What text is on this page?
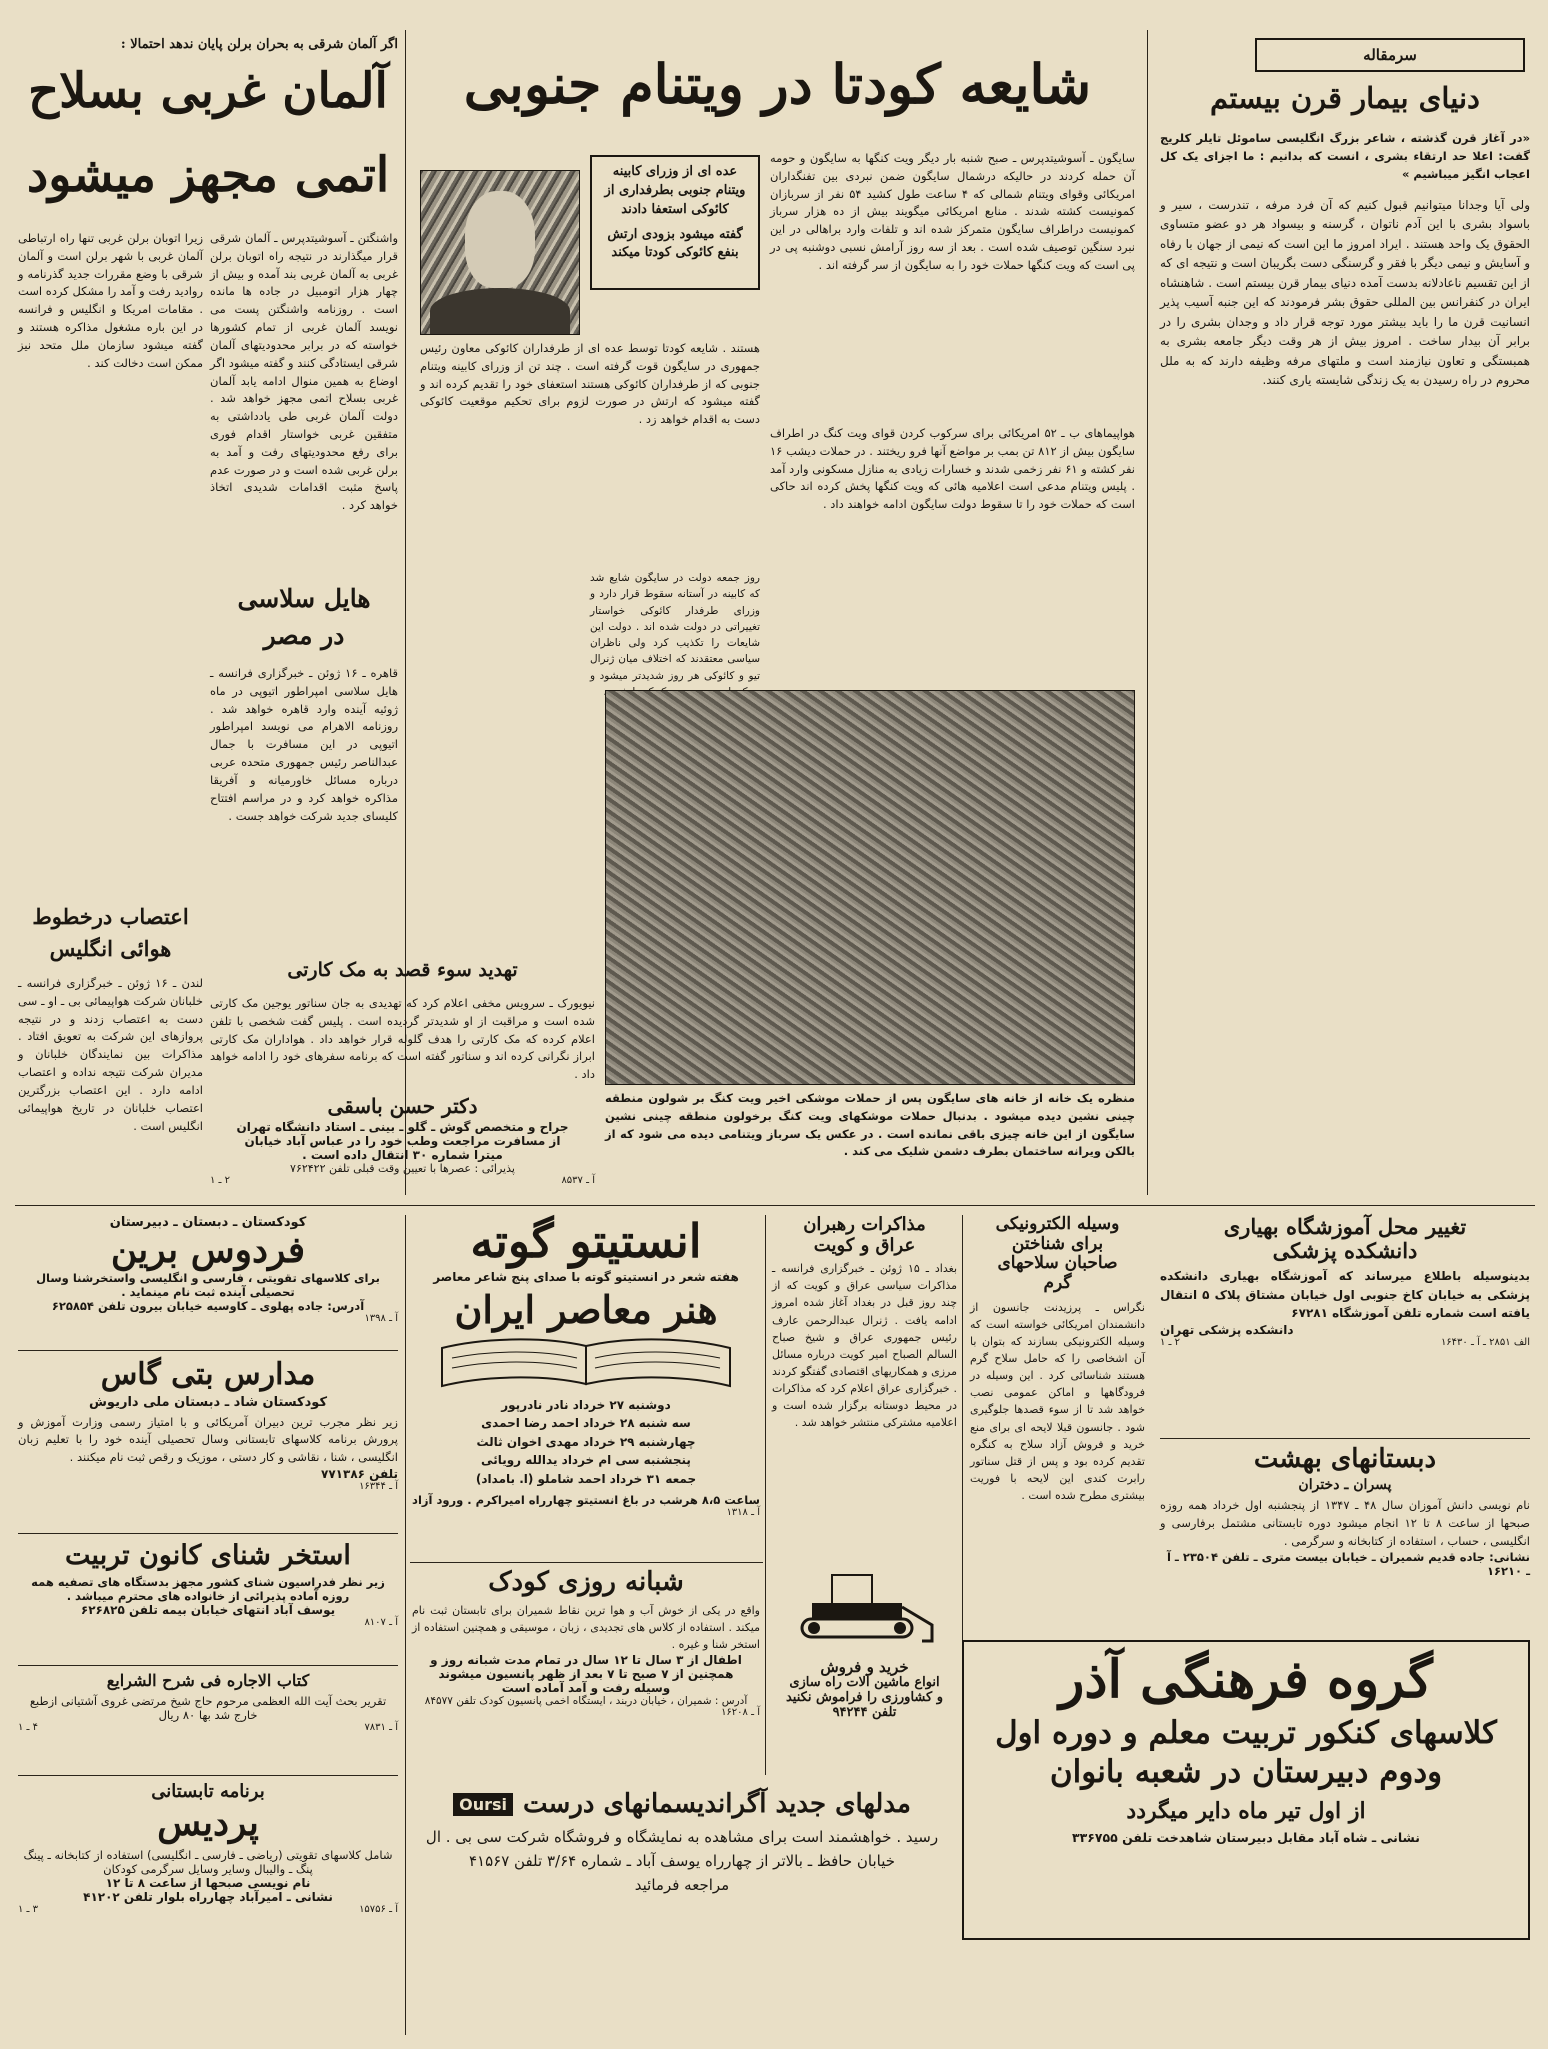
سرمقاله
دنیای بیمار قرن بیستم
«در آغاز قرن گذشته ، شاعر بزرگ انگلیسی ساموئل تایلر کلریج گفت: اعلا حد ارتقاء بشری ، انست که بدانیم : ما اجزای یک کل اعجاب انگیز میباشیم »
ولی آیا وجدانا میتوانیم قبول کنیم که آن فرد مرفه ، تندرست ، سیر و باسواد بشری با این آدم ناتوان ، گرسنه و بیسواد هر دو عضو متساوی الحقوق یک واحد هستند . ایراد امروز ما این است که نیمی از جهان با رفاه و آسایش و نیمی دیگر با فقر و گرسنگی دست بگریبان است و نتیجه ای که از این تقسیم ناعادلانه بدست آمده دنیای بیمار قرن بیستم است . شاهنشاه ایران در کنفرانس بین المللی حقوق بشر فرمودند که این جنبه آسیب پذیر انسانیت قرن ما را باید بیشتر مورد توجه قرار داد و وجدان بشری را در برابر آن بیدار ساخت . امروز بیش از هر وقت دیگر جامعه بشری به همبستگی و تعاون نیازمند است و ملتهای مرفه وظیفه دارند که به ملل محروم در راه رسیدن به یک زندگی شایسته یاری کنند.
شایعه کودتا در ویتنام جنوبی
سایگون ـ آسوشیتدپرس ـ صبح شنبه بار دیگر ویت کنگها به سایگون و حومه آن حمله کردند در حالیکه درشمال سایگون ضمن نبردی بین تفنگداران امریکائی وقوای ویتنام شمالی که ۴ ساعت طول کشید ۵۴ نفر از سربازان کمونیست کشته شدند . منابع امریکائی میگویند بیش از ده هزار سرباز کمونیست دراطراف سایگون متمرکز شده اند و تلفات وارد براهالی در این نبرد سنگین توصیف شده است . بعد از سه روز آرامش نسبی دوشنبه پی در پی است که ویت کنگها حملات خود را به سایگون از سر گرفته اند .
عده ای از وزرای کابینه ویتنام جنوبی بطرفداری از کائوکی استعفا دادند
گفته میشود بزودی ارتش بنفع کائوکی کودتا میکند
هستند . شایعه کودتا توسط عده ای از طرفداران کائوکی معاون رئیس جمهوری در سایگون قوت گرفته است . چند تن از وزرای کابینه ویتنام جنوبی که از طرفداران کائوکی هستند استعفای خود را تقدیم کرده اند و گفته میشود که ارتش در صورت لزوم برای تحکیم موقعیت کائوکی دست به اقدام خواهد زد .
هواپیماهای ب ـ ۵۲ امریکائی برای سرکوب کردن قوای ویت کنگ در اطراف سایگون بیش از ۸۱۲ تن بمب بر مواضع آنها فرو ریختند . در حملات دیشب ۱۶ نفر کشته و ۶۱ نفر زخمی شدند و خسارات زیادی به منازل مسکونی وارد آمد . پلیس ویتنام مدعی است اعلامیه هائی که ویت کنگها پخش کرده اند حاکی است که حملات خود را تا سقوط دولت سایگون ادامه خواهند داد .
روز جمعه دولت در سایگون شایع شد که کابینه در آستانه سقوط قرار دارد و وزرای طرفدار کائوکی خواستار تغییراتی در دولت شده اند . دولت این شایعات را تکذیب کرد ولی ناظران سیاسی معتقدند که اختلاف میان ژنرال تیو و کائوکی هر روز شدیدتر میشود و
منظره یک خانه از خانه های سایگون پس از حملات موشکی اخیر ویت کنگ بر شولون منطقه چینی نشین دیده میشود . بدنبال حملات موشکهای ویت کنگ برخولون منطقه چینی نشین سایگون از این خانه چیزی باقی نمانده است . در عکس یک سرباز ویتنامی دیده می شود که از بالکن ویرانه ساختمان بطرف دشمن شلیک می کند .
اگر آلمان شرقی به بحران برلن پایان ندهد احتمالا :
آلمان غربی بسلاح
اتمی مجهز میشود
واشنگتن ـ آسوشیتدپرس ـ آلمان شرقی قرار میگذارند در نتیجه راه اتوبان برلن غربی به آلمان غربی بند آمده و بیش از چهار هزار اتومبیل در جاده ها مانده است . روزنامه واشنگتن پست می نویسد آلمان غربی از تمام کشورها خواسته که در برابر محدودیتهای آلمان شرقی ایستادگی کنند و گفته میشود اگر اوضاع به همین منوال ادامه یابد آلمان غربی بسلاح اتمی مجهز خواهد شد . دولت آلمان غربی طی یادداشتی به متفقین غربی خواستار اقدام فوری برای رفع محدودیتهای رفت و آمد به برلن غربی شده است و در صورت عدم پاسخ مثبت اقدامات شدیدی اتخاذ خواهد کرد .
زیرا اتوبان برلن غربی تنها راه ارتباطی آلمان غربی با شهر برلن است و آلمان شرقی با وضع مقررات جدید گذرنامه و روادید رفت و آمد را مشکل کرده است . مقامات امریکا و انگلیس و فرانسه در این باره مشغول مذاکره هستند و گفته میشود سازمان ملل متحد نیز ممکن است دخالت کند .
هایل سلاسی
در مصر
قاهره ـ ۱۶ ژوئن ـ خبرگزاری فرانسه ـ هایل سلاسی امپراطور اتیوپی در ماه ژوئیه آینده وارد قاهره خواهد شد . روزنامه الاهرام می نویسد امپراطور اتیوپی در این مسافرت با جمال عبدالناصر رئیس جمهوری متحده عربی درباره مسائل خاورمیانه و آفریقا مذاکره خواهد کرد و در مراسم افتتاح کلیسای جدید شرکت خواهد جست .
اعتصاب درخطوط
هوائی انگلیس
لندن ـ ۱۶ ژوئن ـ خبرگزاری فرانسه ـ خلبانان شرکت هواپیمائی بی ـ او ـ سی دست به اعتصاب زدند و در نتیجه پروازهای این شرکت به تعویق افتاد . مذاکرات بین نمایندگان خلبانان و مدیران شرکت نتیجه نداده و اعتصاب ادامه دارد . این اعتصاب بزرگترین اعتصاب خلبانان در تاریخ هواپیمائی انگلیس است .
تهدید سوء قصد به مک کارتی
نیویورک ـ سرویس مخفی اعلام کرد که تهدیدی به جان سناتور یوجین مک کارتی شده است و مراقبت از او شدیدتر گردیده است . پلیس گفت شخصی با تلفن اعلام کرده که مک کارتی را هدف گلوله قرار خواهد داد . هواداران مک کارتی ابراز نگرانی کرده اند و سناتور گفته است که برنامه سفرهای خود را ادامه خواهد داد .
دکتر حسن باسقی
جراح و متخصص گوش ـ گلو ـ بینی ـ استاد دانشگاه تهران
از مسافرت مراجعت وطب خود را در عباس آباد خیابان
میترا شماره ۳۰ انتقال داده است .
پذیرائی : عصرها با تعیین وقت قبلی تلفن ۷۶۲۴۲۲
آ ـ ۸۵۳۷
۲ ـ ۱
کودکستان ـ دبستان ـ دبیرستان
فردوس برین
برای کلاسهای تقویتی ، فارسی و انگلیسی واستخرشنا وسال تحصیلی آینده ثبت نام مینماید .
آدرس: جاده پهلوی ـ کاوسیه خیابان بیرون تلفن ۶۲۵۸۵۴
آ ـ ۱۳۹۸
مدارس بتی گاس
کودکستان شاد ـ دبستان ملی داریوش
زیر نظر مجرب ترین دبیران آمریکائی و با امتیاز رسمی وزارت آموزش و پرورش برنامه کلاسهای تابستانی وسال تحصیلی آینده خود را با تعلیم زبان انگلیسی ، شنا ، نقاشی و کار دستی ، موزیک و رقص ثبت نام میکنند .
تلفن ۷۷۱۳۸۶
آ ـ ۱۶۳۴۴
استخر شنای کانون تربیت
زیر نظر فدراسیون شنای کشور مجهز بدستگاه های تصفیه همه روزه آماده پذیرائی از خانواده های محترم میباشد .
یوسف آباد انتهای خیابان بیمه تلفن ۶۲۶۸۲۵
آ ـ ۸۱۰۷
کتاب الاجاره فی شرح الشرایع
تقریر بحث آیت الله العظمی مرحوم حاج شیخ مرتضی غروی آشتیانی ازطبع خارج شد بها ۸۰ ریال
آ ـ ۷۸۳۱
۴ ـ ۱
برنامه تابستانی
پردیس
شامل کلاسهای تقویتی (ریاضی ـ فارسی ـ انگلیسی) استفاده از کتابخانه ـ پینگ پنگ ـ والیبال وسایر وسایل سرگرمی کودکان
نام نویسی صبحها از ساعت ۸ تا ۱۲
نشانی ـ امیرآباد چهارراه بلوار تلفن ۴۱۲۰۲
آ ـ ۱۵۷۵۶
۳ ـ ۱
انستیتو گوته
هفته شعر در انستیتو گوته با صدای پنج شاعر معاصر
هنر معاصر ایران
دوشنبه ۲۷ خرداد نادر نادرپور
سه شنبه ۲۸ خرداد احمد رضا احمدی
چهارشنبه ۲۹ خرداد مهدی اخوان ثالث
پنجشنبه سی ام خرداد یدالله رویائی
جمعه ۳۱ خرداد احمد شاملو (ا. بامداد)
ساعت ۸،۵ هرشب در باغ انستیتو چهارراه امیراکرم . ورود آزاد
آ ـ ۱۳۱۸
شبانه روزی کودک
واقع در یکی از خوش آب و هوا ترین نقاط شمیران برای تابستان ثبت نام میکند . استفاده از کلاس های تجدیدی ، زبان ، موسیقی و همچنین استفاده از استخر شنا و غیره .
اطفال از ۳ سال تا ۱۲ سال در تمام مدت شبانه روز و
همچنین از ۷ صبح تا ۷ بعد از ظهر پانسیون میشوند
وسیله رفت و آمد آماده است
آدرس : شمیران ، خیابان دربند ، ایستگاه اخمی پانسیون کودک تلفن ۸۴۵۷۷
آ ـ ۱۶۲۰۸
مذاکرات رهبران
عراق و کویت
بغداد ـ ۱۵ ژوئن ـ خبرگزاری فرانسه ـ مذاکرات سیاسی عراق و کویت که از چند روز قبل در بغداد آغاز شده امروز ادامه یافت . ژنرال عبدالرحمن عارف رئیس جمهوری عراق و شیخ صباح السالم الصباح امیر کویت درباره مسائل مرزی و همکاریهای اقتصادی گفتگو کردند . خبرگزاری عراق اعلام کرد که مذاکرات در محیط دوستانه برگزار شده است و اعلامیه مشترکی منتشر خواهد شد .
خرید و فروش
انواع ماشین آلات راه سازی
و کشاورزی را فراموش نکنید
تلفن ۹۴۲۴۴
وسیله الکترونیکی
برای شناختن
صاحبان سلاحهای
گرم
نگراس ـ پرزیدنت جانسون از دانشمندان امریکائی خواسته است که وسیله الکترونیکی بسازند که بتوان با آن اشخاصی را که حامل سلاح گرم هستند شناسائی کرد . این وسیله در فرودگاهها و اماکن عمومی نصب خواهد شد تا از سوء قصدها جلوگیری شود . جانسون قبلا لایحه ای برای منع خرید و فروش آزاد سلاح به کنگره تقدیم کرده بود و پس از قتل سناتور رابرت کندی این لایحه با فوریت بیشتری مطرح شده است .
تغییر محل آموزشگاه بهیاری
دانشکده پزشکی
بدینوسیله باطلاع میرساند که آموزشگاه بهیاری دانشکده پزشکی به خیابان کاخ جنوبی اول خیابان مشتاق پلاک ۵ انتقال یافته است شماره تلفن آموزشگاه ۶۷۲۸۱
دانشکده پزشکی تهران
الف ۲۸۵۱ ـ آ ـ ۱۶۴۳۰
۲ ـ ۱
دبستانهای بهشت
پسران ـ دختران
نام نویسی دانش آموزان سال ۴۸ ـ ۱۳۴۷ از پنجشنبه اول خرداد همه روزه صبحها از ساعت ۸ تا ۱۲ انجام میشود دوره تابستانی مشتمل برفارسی و انگلیسی ، حساب ، استفاده از کتابخانه و سرگرمی .
نشانی: جاده قدیم شمیران ـ خیابان بیست متری ـ تلفن ۲۳۵۰۴ ـ آ ـ ۱۶۲۱۰
گروه فرهنگی آذر
کلاسهای کنکور تربیت معلم و دوره اول
ودوم دبیرستان در شعبه بانوان
از اول تیر ماه دایر میگردد
نشانی ـ شاه آباد مقابل دبیرستان شاهدخت تلفن ۳۳۶۷۵۵
مدلهای جدید آگراندیسمانهای درست
Oursi
رسید . خواهشمند است برای مشاهده به نمایشگاه و فروشگاه شرکت سی بی . ال
خیابان حافظ ـ بالاتر از چهارراه یوسف آباد ـ شماره ۳/۶۴ تلفن ۴۱۵۶۷
مراجعه فرمائید
